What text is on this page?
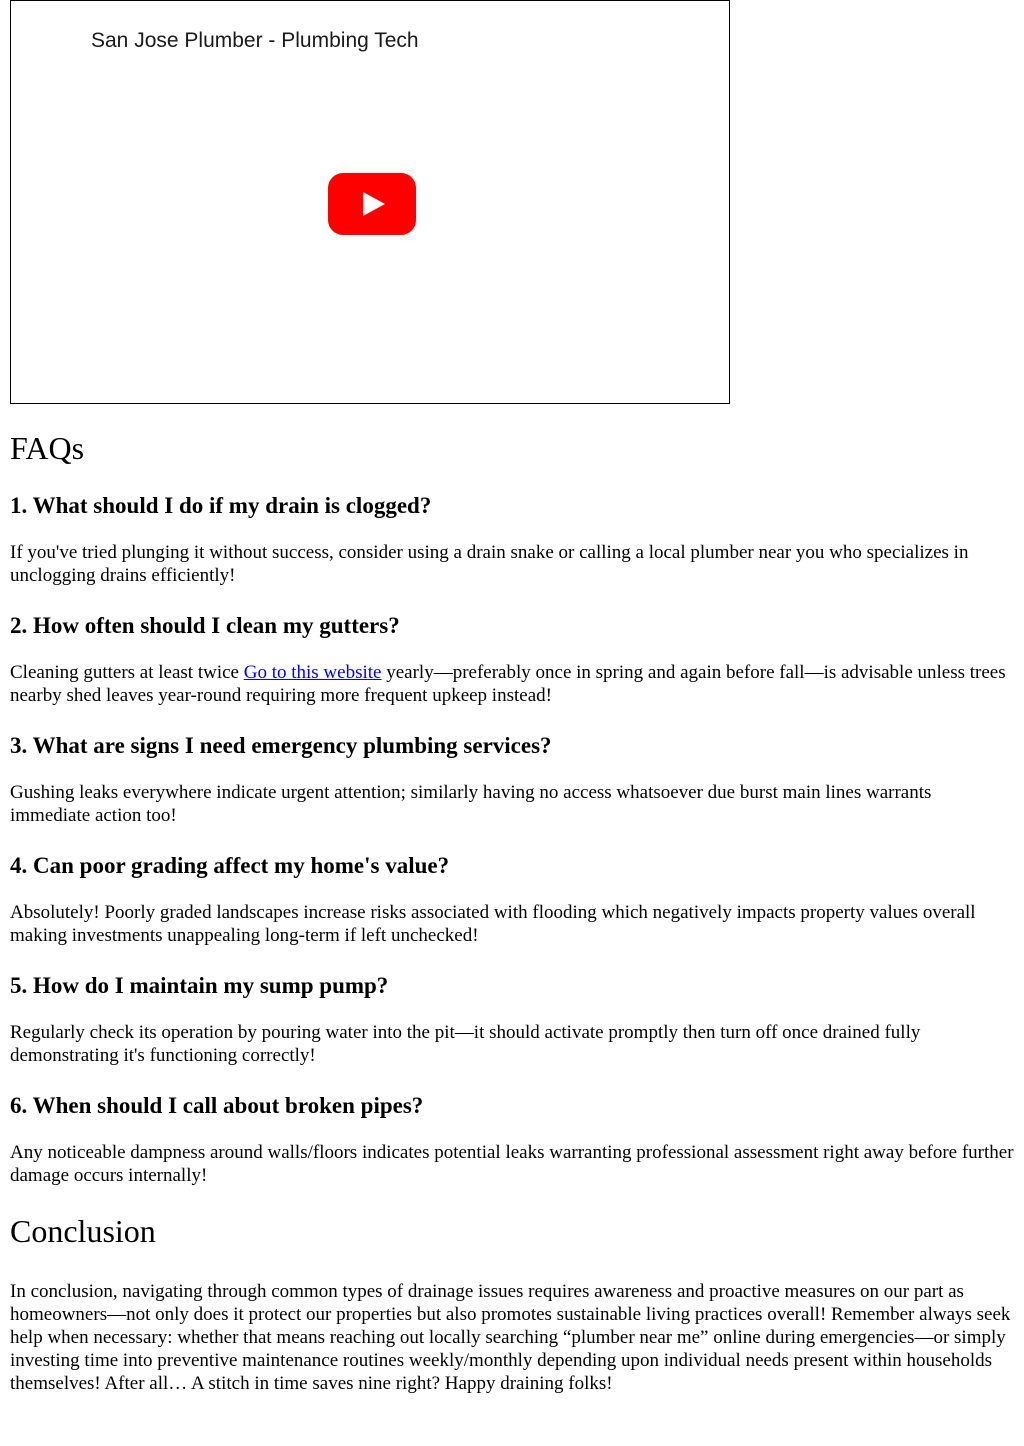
San Jose Plumber - Plumbing Tech
FAQs
1. What should I do if my drain is clogged?

If you've tried plunging it without success, consider using a drain snake or calling a local plumber near you who specializes in unclogging drains efficiently!

2. How often should I clean my gutters?

Cleaning gutters at least twice Go to this website yearly—preferably once in spring and again before fall—is advisable unless trees nearby shed leaves year-round requiring more frequent upkeep instead!

3. What are signs I need emergency plumbing services?

Gushing leaks everywhere indicate urgent attention; similarly having no access whatsoever due burst main lines warrants immediate action too!

4. Can poor grading affect my home's value?

Absolutely! Poorly graded landscapes increase risks associated with flooding which negatively impacts property values overall making investments unappealing long-term if left unchecked!

5. How do I maintain my sump pump?

Regularly check its operation by pouring water into the pit—it should activate promptly then turn off once drained fully demonstrating it's functioning correctly!

6. When should I call about broken pipes?

Any noticeable dampness around walls/floors indicates potential leaks warranting professional assessment right away before further damage occurs internally!

Conclusion

In conclusion, navigating through common types of drainage issues requires awareness and proactive measures on our part as homeowners—not only does it protect our properties but also promotes sustainable living practices overall! Remember always seek help when necessary: whether that means reaching out locally searching “plumber near me” online during emergencies—or simply investing time into preventive maintenance routines weekly/monthly depending upon individual needs present within households themselves! After all… A stitch in time saves nine right? Happy draining folks!
